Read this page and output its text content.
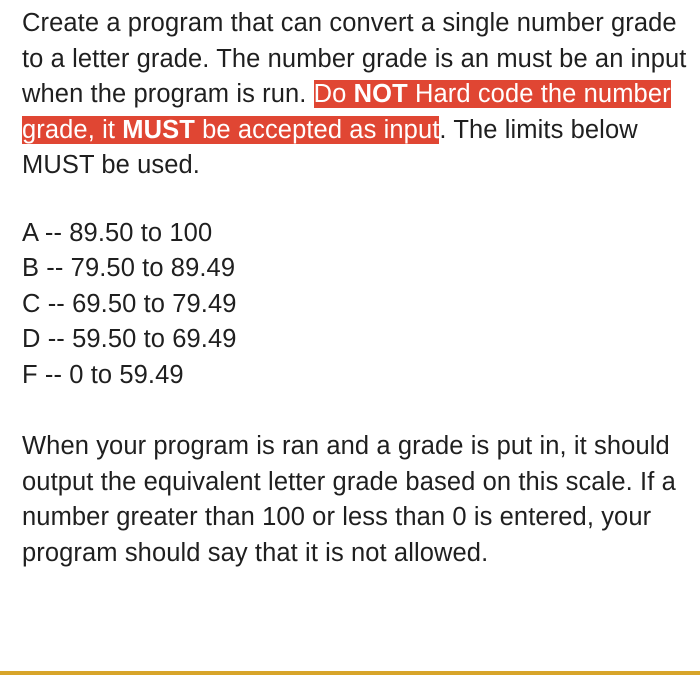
Create a program that can convert a single number grade to a letter grade. The number grade is an must be an input when the program is run. Do NOT Hard code the number grade, it MUST be accepted as input. The limits below MUST be used.

A -- 89.50 to 100
B -- 79.50 to 89.49
C -- 69.50 to 79.49
D -- 59.50 to 69.49
F -- 0 to 59.49

When your program is ran and a grade is put in, it should output the equivalent letter grade based on this scale. If a number greater than 100 or less than 0 is entered, your program should say that it is not allowed.
